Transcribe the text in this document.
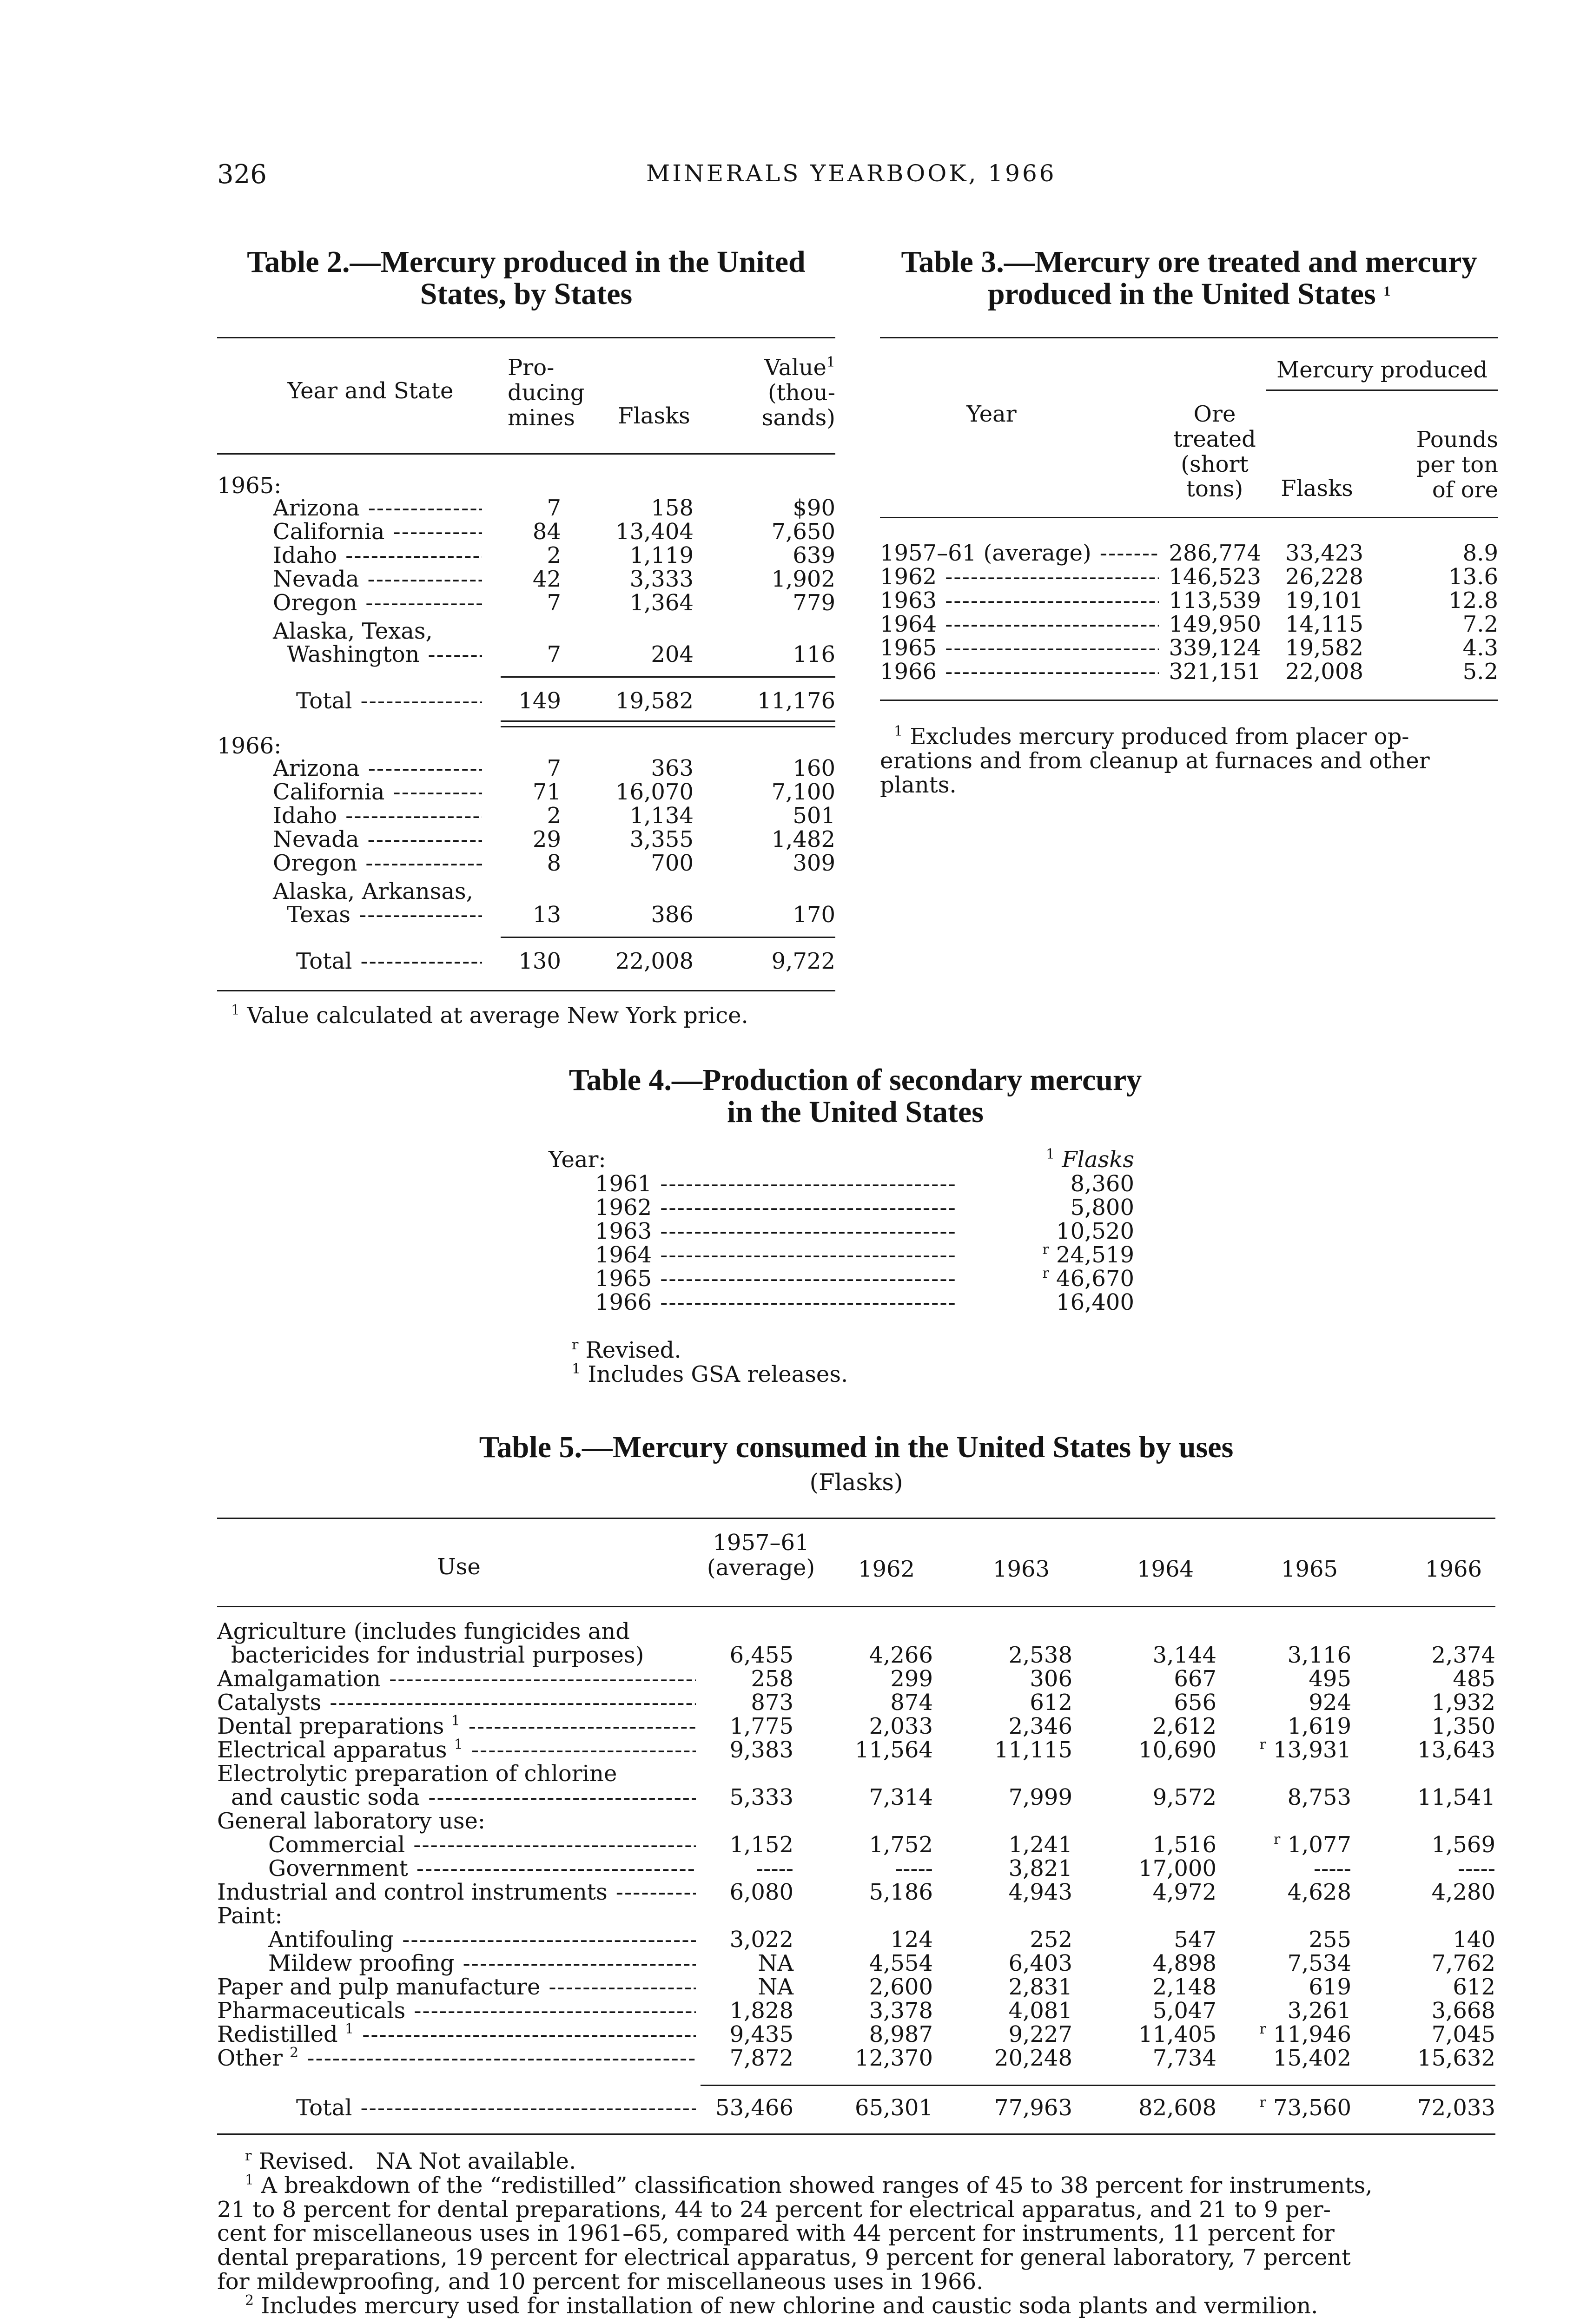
326	MINERALS YEARBOOK, 1966
Table 2.—Mercury produced in the United
States, by States
Year and State
Pro-
ducing
mines	Flasks
Value$^1$
(thou-
sands)
1965:
Arizona -----	7	158	$90
California -----	84	13,404	7,650
Idaho -----	2	1,119	639
Nevada -----	42	3,333	1,902
Oregon -----	7	1,364	779
Alaska, Texas,
Washington -----	7	204	116
Total -----	149	19,582	11,176
1966:
Arizona -----	7	363	160
California -----	71	16,070	7,100
Idaho -----	2	1,134	501
Nevada -----	29	3,355	1,482
Oregon -----	8	700	309
Alaska, Arkansas,
Texas -----	13	386	170
Total -----	130	22,008	9,722
$^1$ Value calculated at average New York price.
Table 3.—Mercury ore treated and mercury
produced in the United States $^1$
Mercury produced
Year	Ore
treated
(short
tons)	Flasks
Pounds
per ton
of ore
1957–61 (average) -----	286,774	33,423	8.9
1962 -----	146,523	26,228	13.6
1963 -----	113,539	19,101	12.8
1964 -----	149,950	14,115	7.2
1965 -----	339,124	19,582	4.3
1966 -----	321,151	22,008	5.2
$^1$ Excludes mercury produced from placer op-
erations and from cleanup at furnaces and other
plants.
Table 4.—Production of secondary mercury
in the United States
Year:	$^1$ Flasks
1961 -----	8,360
1962 -----	5,800
1963 -----	10,520
1964 -----	$^r$ 24,519
1965 -----	$^r$ 46,670
1966 -----	16,400
$^r$ Revised.
$^1$ Includes GSA releases.
Table 5.—Mercury consumed in the United States by uses
(Flasks)
Use
1957–61
(average)	1962	1963	1964	1965	1966
Agriculture (includes fungicides and
bactericides for industrial purposes)	6,455	4,266	2,538	3,144	3,116	2,374
Amalgamation -----	258	299	306	667	495	485
Catalysts -----	873	874	612	656	924	1,932
Dental preparations $^1$ -----	1,775	2,033	2,346	2,612	1,619	1,350
Electrical apparatus $^1$ -----	9,383	11,564	11,115	10,690	$^r$ 13,931	13,643
Electrolytic preparation of chlorine
and caustic soda -----	5,333	7,314	7,999	9,572	8,753	11,541
General laboratory use:
Commercial -----	1,152	1,752	1,241	1,516	$^r$ 1,077	1,569
Government -----	-----	-----	3,821	17,000	-----	-----
Industrial and control instruments -----	6,080	5,186	4,943	4,972	4,628	4,280
Paint:
Antifouling -----	3,022	124	252	547	255	140
Mildew proofing -----	NA	4,554	6,403	4,898	7,534	7,762
Paper and pulp manufacture -----	NA	2,600	2,831	2,148	619	612
Pharmaceuticals -----	1,828	3,378	4,081	5,047	3,261	3,668
Redistilled $^1$ -----	9,435	8,987	9,227	11,405	$^r$ 11,946	7,045
Other $^2$ -----	7,872	12,370	20,248	7,734	15,402	15,632
Total -----	53,466	65,301	77,963	82,608	$^r$ 73,560	72,033
$^r$ Revised. NA Not available.
$^1$ A breakdown of the “redistilled” classification showed ranges of 45 to 38 percent for instruments,
21 to 8 percent for dental preparations, 44 to 24 percent for electrical apparatus, and 21 to 9 per-
cent for miscellaneous uses in 1961–65, compared with 44 percent for instruments, 11 percent for
dental preparations, 19 percent for electrical apparatus, 9 percent for general laboratory, 7 percent
for mildewproofing, and 10 percent for miscellaneous uses in 1966.
$^2$ Includes mercury used for installation of new chlorine and caustic soda plants and vermilion.
